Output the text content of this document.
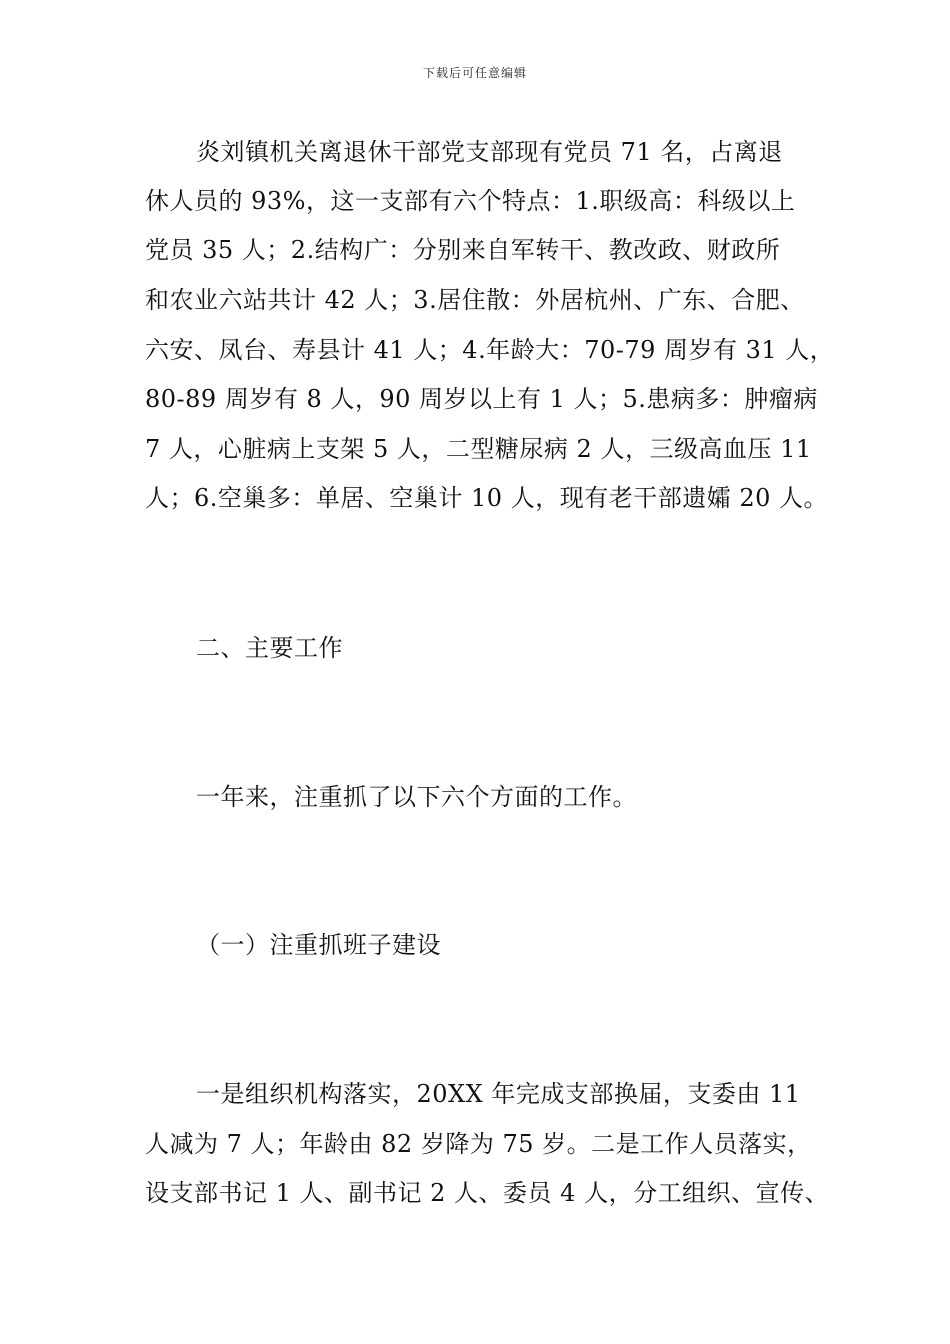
下载后可任意编辑
炎刘镇机关离退休干部党支部现有党员 71 名，占离退
休人员的 93%，这一支部有六个特点：1.职级高：科级以上
党员 35 人；2.结构广：分别来自军转干、教改政、财政所
和农业六站共计 42 人；3.居住散：外居杭州、广东、合肥、
六安、凤台、寿县计 41 人；4.年龄大：70-79 周岁有 31 人，
80-89 周岁有 8 人，90 周岁以上有 1 人；5.患病多：肿瘤病
7 人，心脏病上支架 5 人，二型糖尿病 2 人，三级高血压 11
人；6.空巢多：单居、空巢计 10 人，现有老干部遗孀 20 人。
二、主要工作
一年来，注重抓了以下六个方面的工作。
（一）注重抓班子建设
一是组织机构落实，20XX 年完成支部换届，支委由 11
人减为 7 人；年龄由 82 岁降为 75 岁。二是工作人员落实，
设支部书记 1 人、副书记 2 人、委员 4 人，分工组织、宣传、
